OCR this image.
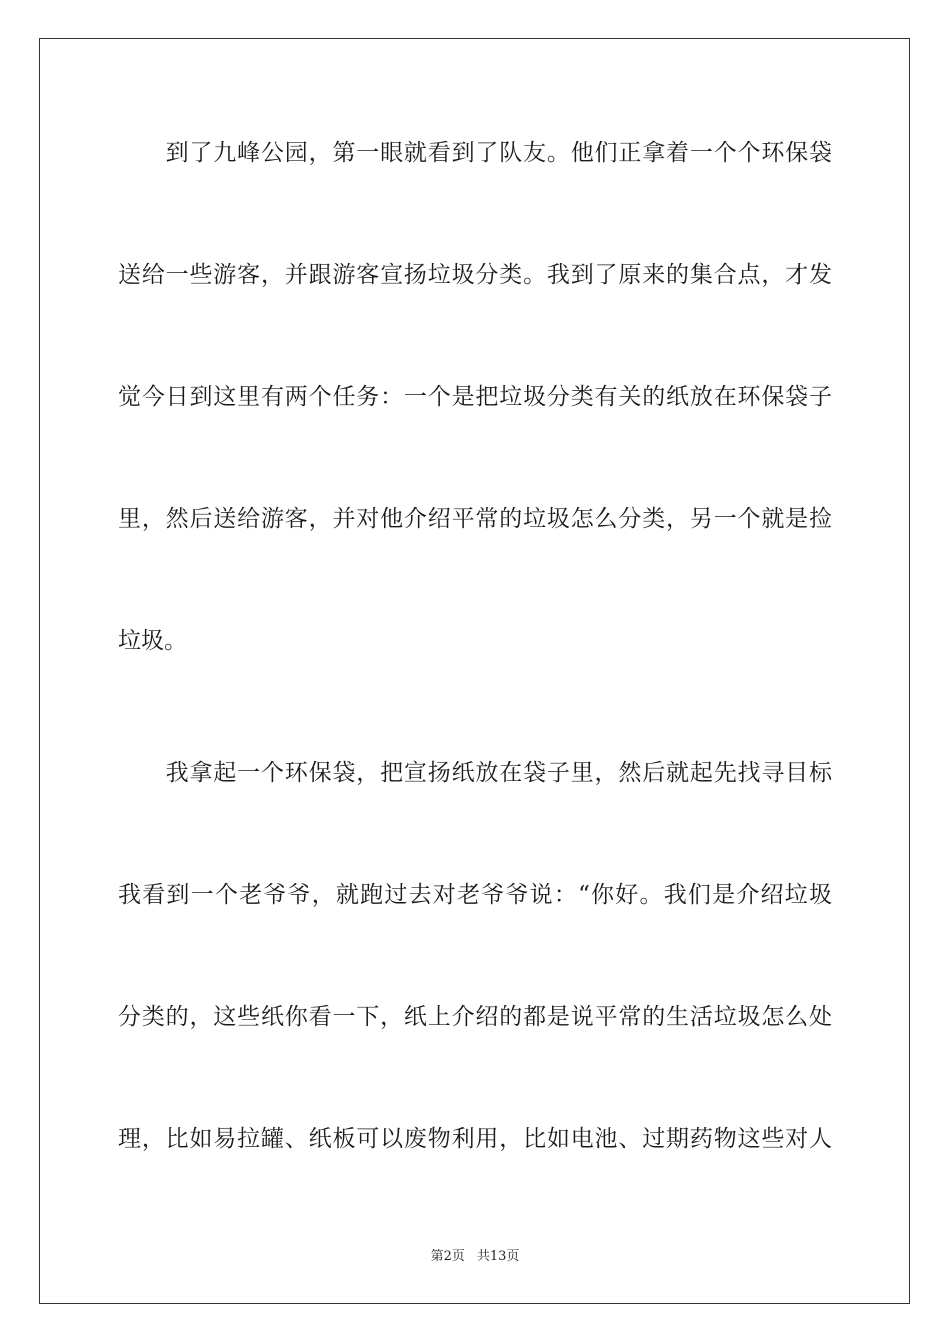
　　到了九峰公园，第一眼就看到了队友。他们正拿着一个个环保袋
送给一些游客，并跟游客宣扬垃圾分类。我到了原来的集合点，才发
觉今日到这里有两个任务：一个是把垃圾分类有关的纸放在环保袋子
里，然后送给游客，并对他介绍平常的垃圾怎么分类，另一个就是捡
垃圾。
　　我拿起一个环保袋，把宣扬纸放在袋子里，然后就起先找寻目标
我看到一个老爷爷，就跑过去对老爷爷说：“你好。我们是介绍垃圾
分类的，这些纸你看一下，纸上介绍的都是说平常的生活垃圾怎么处
理，比如易拉罐、纸板可以废物利用，比如电池、过期药物这些对人
第2页 共13页
